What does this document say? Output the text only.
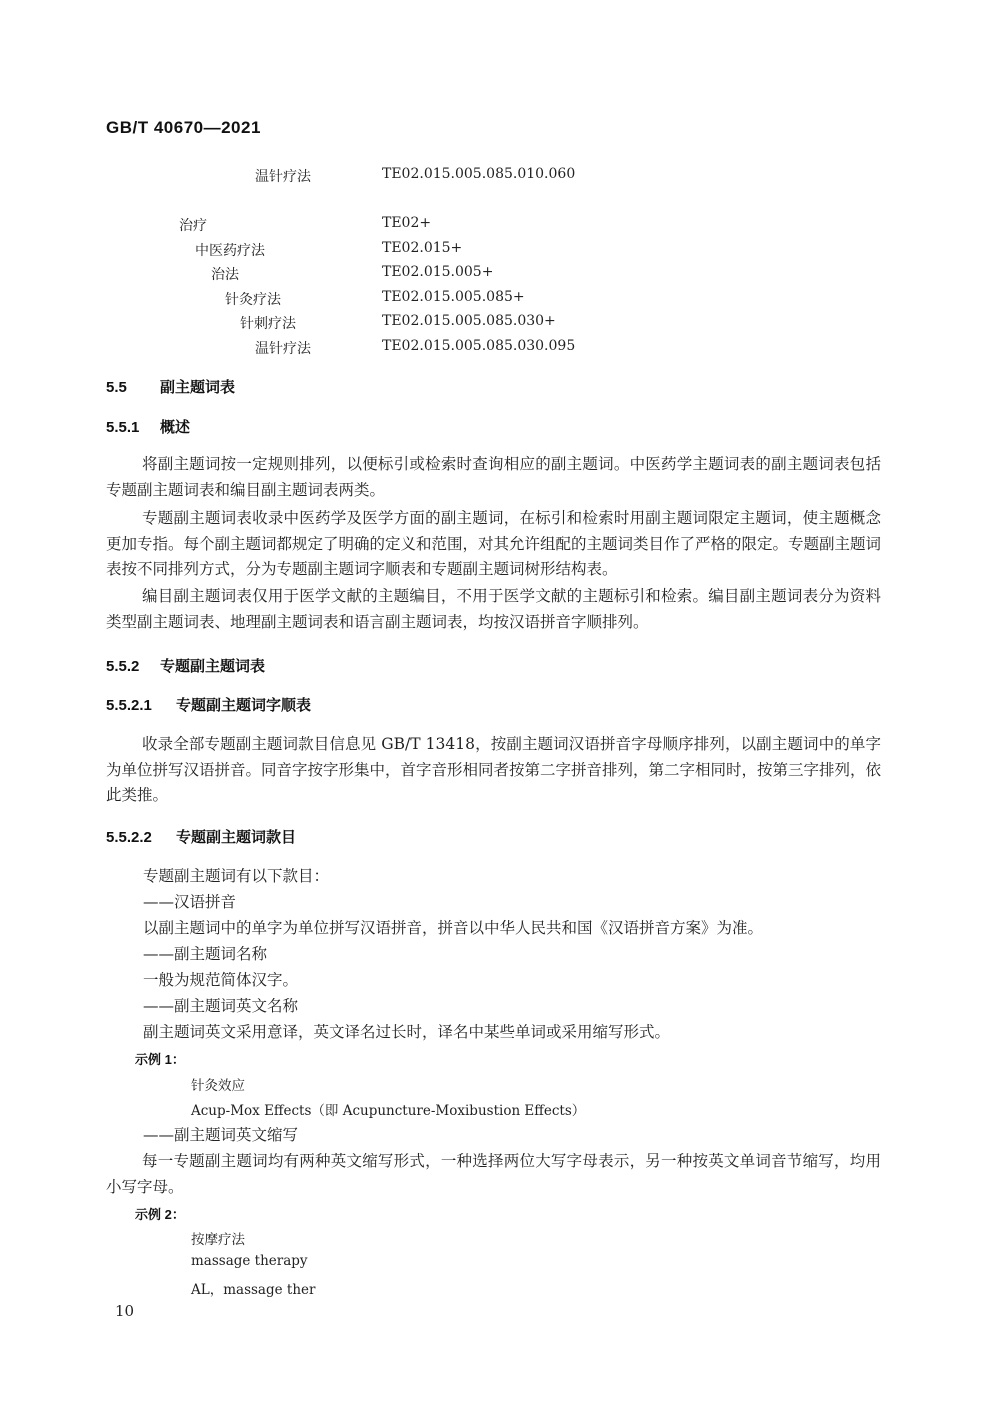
GB/T 40670—2021
温针疗法	TE02.015.005.085.010.060
治疗	TE02+
中医药疗法	TE02.015+
治法	TE02.015.005+
针灸疗法	TE02.015.005.085+
针刺疗法	TE02.015.005.085.030+
温针疗法	TE02.015.005.085.030.095
5.5 副主题词表
5.5.1 概述
将副主题词按一定规则排列，以便标引或检索时查询相应的副主题词。中医药学主题词表的副主题词表包括专题副主题词表和编目副主题词表两类。
专题副主题词表收录中医药学及医学方面的副主题词，在标引和检索时用副主题词限定主题词，使主题概念更加专指。每个副主题词都规定了明确的定义和范围，对其允许组配的主题词类目作了严格的限定。专题副主题词表按不同排列方式，分为专题副主题词字顺表和专题副主题词树形结构表。
编目副主题词表仅用于医学文献的主题编目，不用于医学文献的主题标引和检索。编目副主题词表分为资料类型副主题词表、地理副主题词表和语言副主题词表，均按汉语拼音字顺排列。
5.5.2 专题副主题词表
5.5.2.1 专题副主题词字顺表
收录全部专题副主题词款目信息见 GB/T 13418，按副主题词汉语拼音字母顺序排列，以副主题词中的单字为单位拼写汉语拼音。同音字按字形集中，首字音形相同者按第二字拼音排列，第二字相同时，按第三字排列，依此类推。
5.5.2.2 专题副主题词款目
专题副主题词有以下款目：
——汉语拼音
以副主题词中的单字为单位拼写汉语拼音，拼音以中华人民共和国《汉语拼音方案》为准。
——副主题词名称
一般为规范简体汉字。
——副主题词英文名称
副主题词英文采用意译，英文译名过长时，译名中某些单词或采用缩写形式。
示例 1：
针灸效应
Acup-Mox Effects（即 Acupuncture-Moxibustion Effects）
——副主题词英文缩写
每一专题副主题词均有两种英文缩写形式，一种选择两位大写字母表示，另一种按英文单词音节缩写，均用小写字母。
示例 2：
按摩疗法
massage therapy
AL，massage ther
10
